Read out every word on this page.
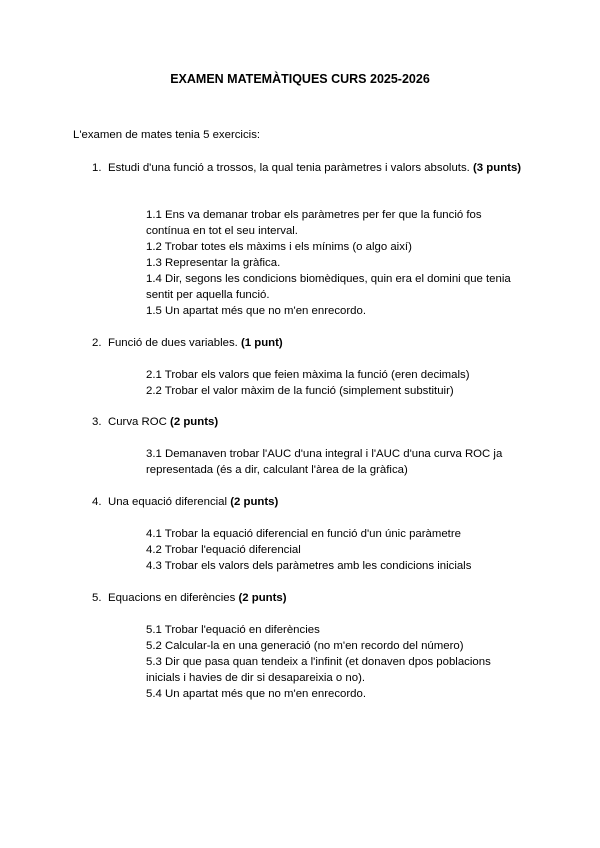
EXAMEN MATEMÀTIQUES CURS 2025-2026
L'examen de mates tenia 5 exercicis:
1. Estudi d'una funció a trossos, la qual tenia paràmetres i valors absoluts. (3 punts)
1.1 Ens va demanar trobar els paràmetres per fer que la funció fos contínua en tot el seu interval.
1.2 Trobar totes els màxims i els mínims (o algo així)
1.3 Representar la gràfica.
1.4 Dir, segons les condicions biomèdiques, quin era el domini que tenia sentit per aquella funció.
1.5 Un apartat més que no m'en enrecordo.
2. Funció de dues variables. (1 punt)
2.1 Trobar els valors que feien màxima la funció (eren decimals)
2.2 Trobar el valor màxim de la funció (simplement substituir)
3. Curva ROC (2 punts)
3.1 Demanaven trobar l'AUC d'una integral i l'AUC d'una curva ROC ja representada (és a dir, calculant l'àrea de la gràfica)
4. Una equació diferencial (2 punts)
4.1 Trobar la equació diferencial en funció d'un únic paràmetre
4.2 Trobar l'equació diferencial
4.3 Trobar els valors dels paràmetres amb les condicions inicials
5. Equacions en diferències (2 punts)
5.1 Trobar l'equació en diferències
5.2 Calcular-la en una generació (no m'en recordo del número)
5.3 Dir que pasa quan tendeix a l'infinit (et donaven dpos poblacions inicials i havies de dir si desapareixia o no).
5.4 Un apartat més que no m'en enrecordo.
